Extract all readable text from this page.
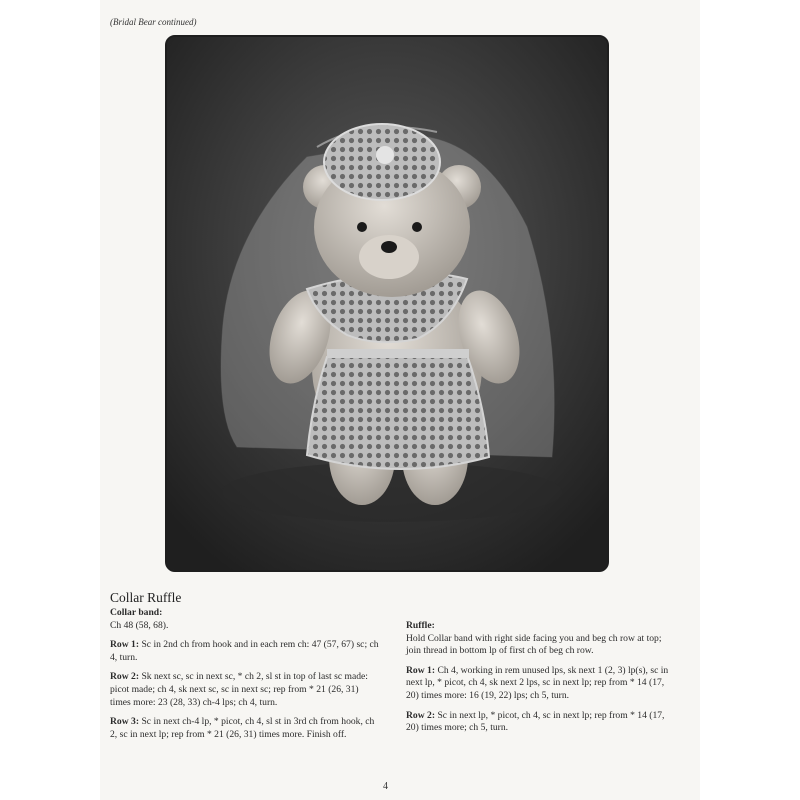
(Bridal Bear continued)
Collar Ruffle

Collar band:

Ch 48 (58, 68).

Row 1: Sc in 2nd ch from hook and in each rem ch: 47 (57, 67) sc; ch 4, turn.

Row 2: Sk next sc, sc in next sc, * ch 2, sl st in top of last sc made: picot made; ch 4, sk next sc, sc in next sc; rep from * 21 (26, 31) times more: 23 (28, 33) ch-4 lps; ch 4, turn.

Row 3: Sc in next ch-4 lp, * picot, ch 4, sl st in 3rd ch from hook, ch 2, sc in next lp; rep from * 21 (26, 31) times more. Finish off.

Ruffle:

Hold Collar band with right side facing you and beg ch row at top; join thread in bottom lp of first ch of beg ch row.

Row 1: Ch 4, working in rem unused lps, sk next 1 (2, 3) lp(s), sc in next lp, * picot, ch 4, sk next 2 lps, sc in next lp; rep from * 14 (17, 20) times more: 16 (19, 22) lps; ch 5, turn.

Row 2: Sc in next lp, * picot, ch 4, sc in next lp; rep from * 14 (17, 20) times more; ch 5, turn.

4
